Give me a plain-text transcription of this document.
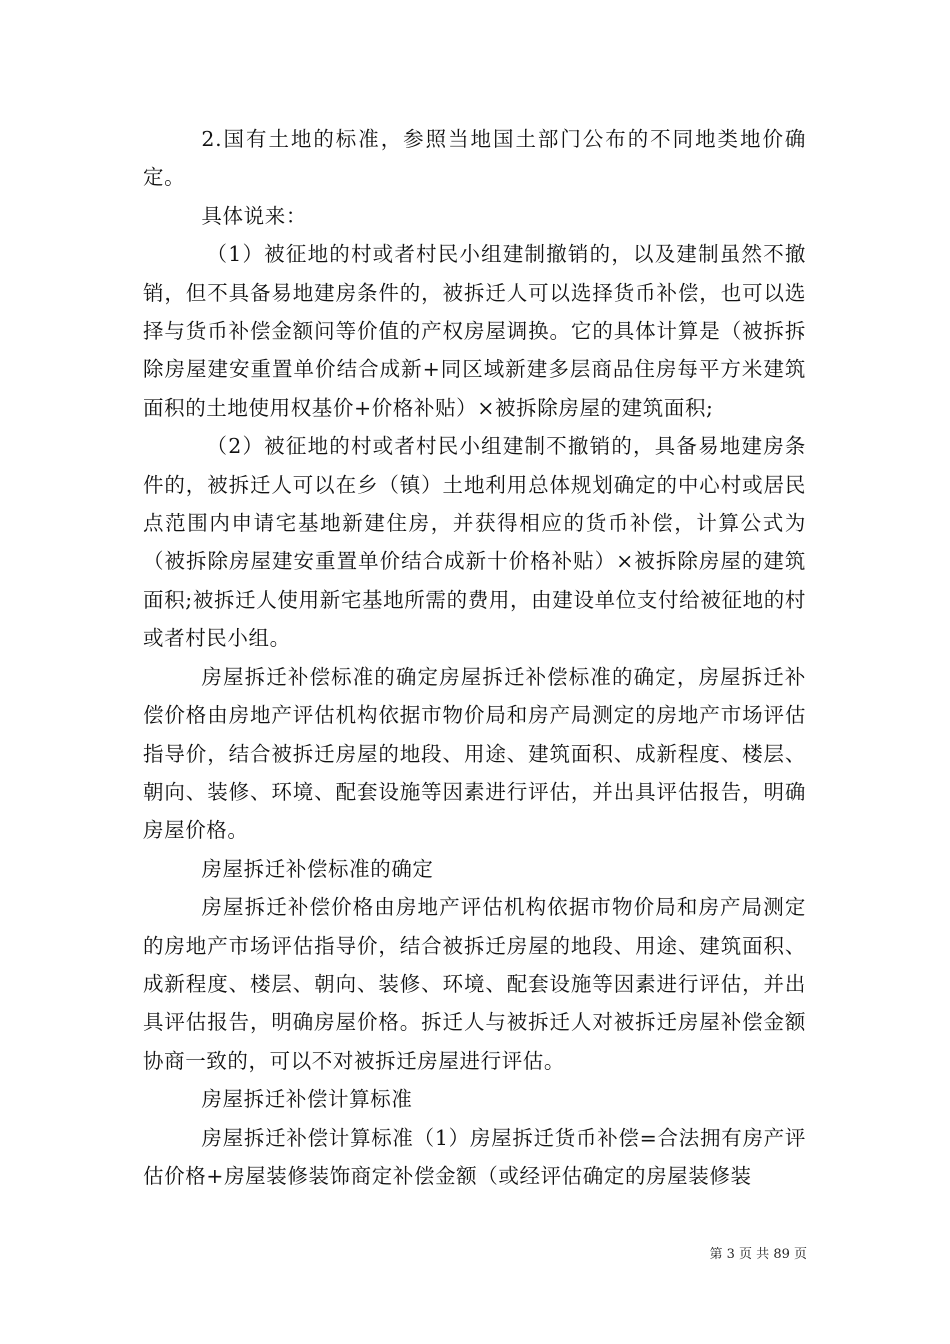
2.国有土地的标准，参照当地国土部门公布的不同地类地价确定。

具体说来：

（1）被征地的村或者村民小组建制撤销的，以及建制虽然不撤销，但不具备易地建房条件的，被拆迁人可以选择货币补偿，也可以选择与货币补偿金额问等价值的产权房屋调换。它的具体计算是（被拆拆除房屋建安重置单价结合成新+同区域新建多层商品住房每平方米建筑面积的土地使用权基价+价格补贴）×被拆除房屋的建筑面积;

（2）被征地的村或者村民小组建制不撤销的，具备易地建房条件的，被拆迁人可以在乡（镇）土地利用总体规划确定的中心村或居民点范围内申请宅基地新建住房，并获得相应的货币补偿，计算公式为（被拆除房屋建安重置单价结合成新十价格补贴）×被拆除房屋的建筑面积;被拆迁人使用新宅基地所需的费用，由建设单位支付给被征地的村或者村民小组。

房屋拆迁补偿标准的确定房屋拆迁补偿标准的确定，房屋拆迁补偿价格由房地产评估机构依据市物价局和房产局测定的房地产市场评估指导价，结合被拆迁房屋的地段、用途、建筑面积、成新程度、楼层、朝向、装修、环境、配套设施等因素进行评估，并出具评估报告，明确房屋价格。

房屋拆迁补偿标准的确定

房屋拆迁补偿价格由房地产评估机构依据市物价局和房产局测定的房地产市场评估指导价，结合被拆迁房屋的地段、用途、建筑面积、成新程度、楼层、朝向、装修、环境、配套设施等因素进行评估，并出具评估报告，明确房屋价格。拆迁人与被拆迁人对被拆迁房屋补偿金额协商一致的，可以不对被拆迁房屋进行评估。

房屋拆迁补偿计算标准

房屋拆迁补偿计算标准（1）房屋拆迁货币补偿=合法拥有房产评估价格+房屋装修装饰商定补偿金额（或经评估确定的房屋装修装

第 3 页 共 89 页
